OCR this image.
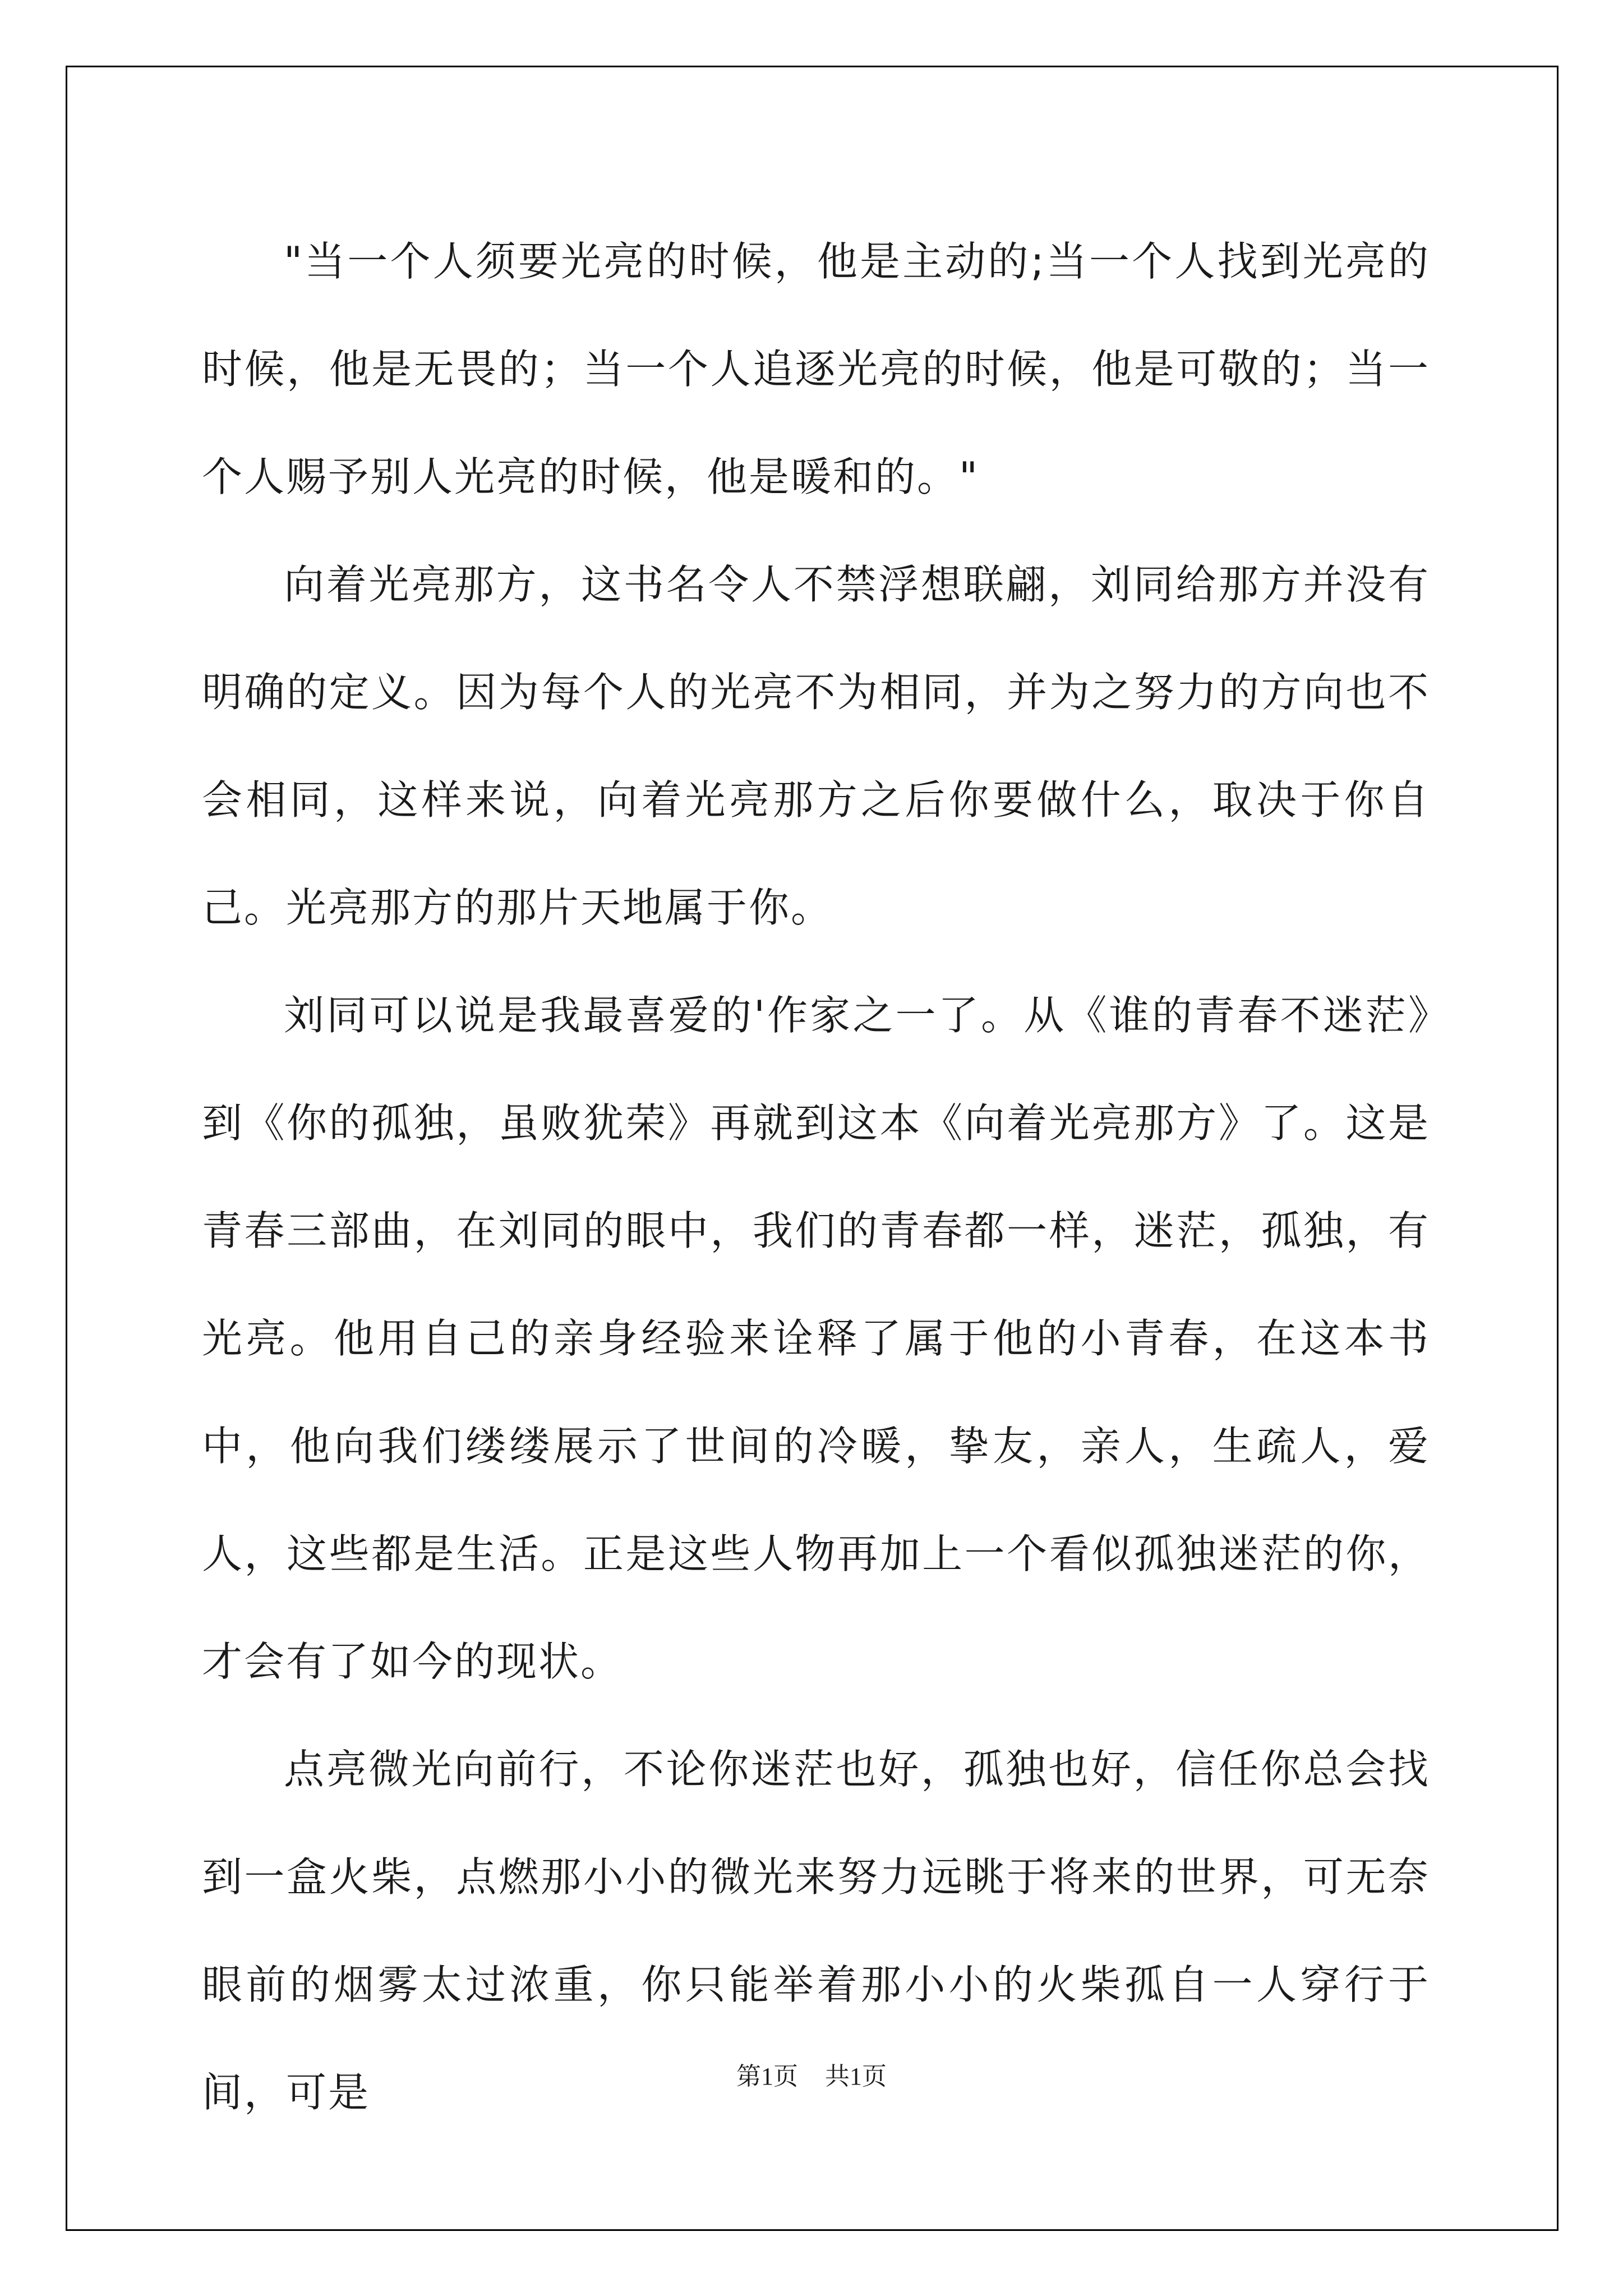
"当一个人须要光亮的时候，他是主动的;当一个人找到光亮的时候，他是无畏的；当一个人追逐光亮的时候，他是可敬的；当一个人赐予别人光亮的时候，他是暖和的。"

向着光亮那方，这书名令人不禁浮想联翩，刘同给那方并没有明确的定义。因为每个人的光亮不为相同，并为之努力的方向也不会相同，这样来说，向着光亮那方之后你要做什么，取决于你自己。光亮那方的那片天地属于你。

刘同可以说是我最喜爱的'作家之一了。从《谁的青春不迷茫》到《你的孤独，虽败犹荣》再就到这本《向着光亮那方》了。这是青春三部曲，在刘同的眼中，我们的青春都一样，迷茫，孤独，有光亮。他用自己的亲身经验来诠释了属于他的小青春，在这本书中，他向我们缕缕展示了世间的冷暖，挚友，亲人，生疏人，爱人，这些都是生活。正是这些人物再加上一个看似孤独迷茫的你，才会有了如今的现状。

点亮微光向前行，不论你迷茫也好，孤独也好，信任你总会找到一盒火柴，点燃那小小的微光来努力远眺于将来的世界，可无奈眼前的烟雾太过浓重，你只能举着那小小的火柴孤自一人穿行于间，可是	第1页 共1页
